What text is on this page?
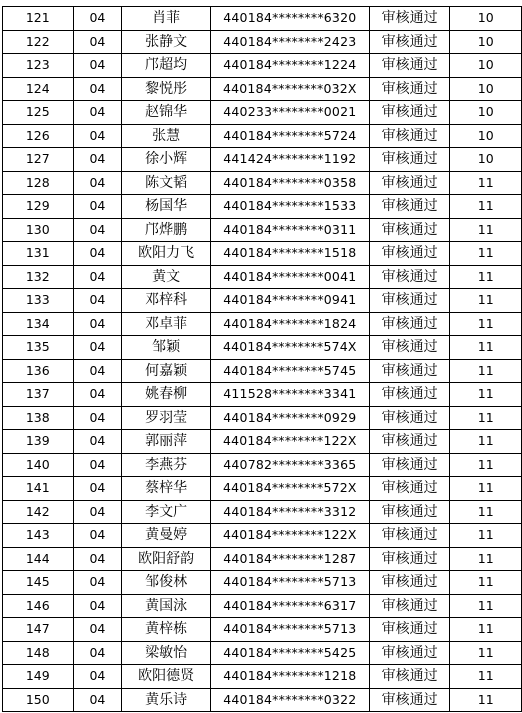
121	04	肖菲	440184********6320	审核通过	10
122	04	张静文	440184********2423	审核通过	10
123	04	邝超均	440184********1224	审核通过	10
124	04	黎悦彤	440184********032X	审核通过	10
125	04	赵锦华	440233********0021	审核通过	10
126	04	张慧	440184********5724	审核通过	10
127	04	徐小辉	441424********1192	审核通过	10
128	04	陈文韬	440184********0358	审核通过	11
129	04	杨国华	440184********1533	审核通过	11
130	04	邝烨鹏	440184********0311	审核通过	11
131	04	欧阳力飞	440184********1518	审核通过	11
132	04	黄文	440184********0041	审核通过	11
133	04	邓梓科	440184********0941	审核通过	11
134	04	邓卓菲	440184********1824	审核通过	11
135	04	邹颖	440184********574X	审核通过	11
136	04	何嘉颖	440184********5745	审核通过	11
137	04	姚春柳	411528********3341	审核通过	11
138	04	罗羽莹	440184********0929	审核通过	11
139	04	郭丽萍	440184********122X	审核通过	11
140	04	李燕芬	440782********3365	审核通过	11
141	04	蔡梓华	440184********572X	审核通过	11
142	04	李文广	440184********3312	审核通过	11
143	04	黄曼婷	440184********122X	审核通过	11
144	04	欧阳舒韵	440184********1287	审核通过	11
145	04	邹俊林	440184********5713	审核通过	11
146	04	黄国泳	440184********6317	审核通过	11
147	04	黄梓栋	440184********5713	审核通过	11
148	04	梁敏怡	440184********5425	审核通过	11
149	04	欧阳德贤	440184********1218	审核通过	11
150	04	黄乐诗	440184********0322	审核通过	11
